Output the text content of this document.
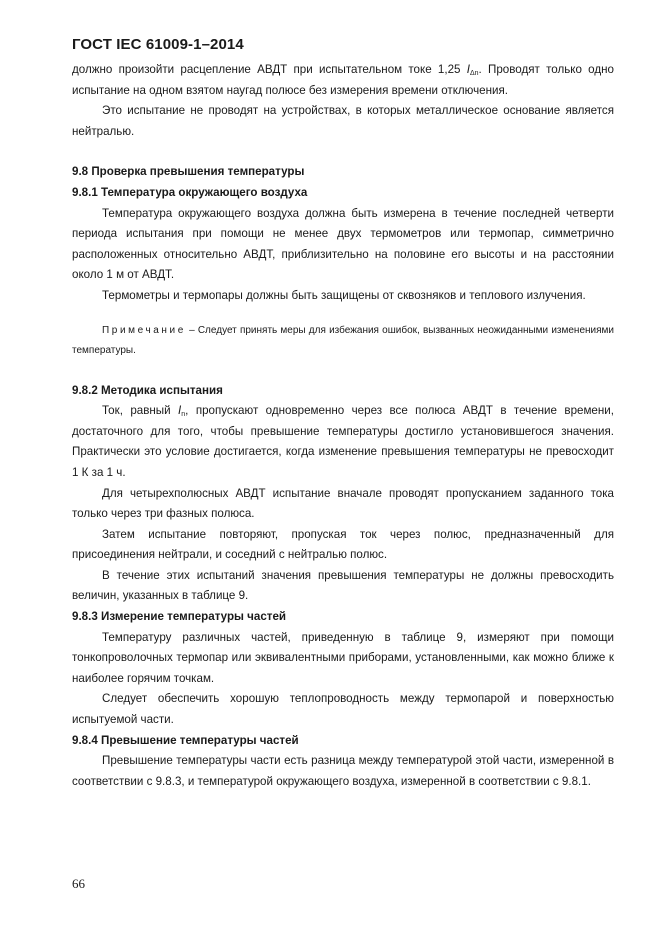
ГОСТ IEC 61009-1–2014

должно произойти расцепление АВДТ при испытательном токе 1,25 $I_{\Delta n}$. Проводят только одно испытание на одном взятом наугад полюсе без измерения времени отключения.

Это испытание не проводят на устройствах, в которых металлическое основание является нейтралью.

9.8 Проверка превышения температуры

9.8.1 Температура окружающего воздуха

Температура окружающего воздуха должна быть измерена в течение последней четверти периода испытания при помощи не менее двух термометров или термопар, симметрично расположенных относительно АВДТ, приблизительно на половине его высоты и на расстоянии около 1 м от АВДТ.

Термометры и термопары должны быть защищены от сквозняков и теплового излучения.

Примечание – Следует принять меры для избежания ошибок, вызванных неожиданными изменениями температуры.

9.8.2 Методика испытания

Ток, равный $I_n$, пропускают одновременно через все полюса АВДТ в течение времени, достаточного для того, чтобы превышение температуры достигло установившегося значения. Практически это условие достигается, когда изменение превышения температуры не превосходит 1 К за 1 ч.

Для четырехполюсных АВДТ испытание вначале проводят пропусканием заданного тока только через три фазных полюса.

Затем испытание повторяют, пропуская ток через полюс, предназначенный для присоединения нейтрали, и соседний с нейтралью полюс.

В течение этих испытаний значения превышения температуры не должны превосходить величин, указанных в таблице 9.

9.8.3 Измерение температуры частей

Температуру различных частей, приведенную в таблице 9, измеряют при помощи тонкопроволочных термопар или эквивалентными приборами, установленными, как можно ближе к наиболее горячим точкам.

Следует обеспечить хорошую теплопроводность между термопарой и поверхностью испытуемой части.

9.8.4 Превышение температуры частей

Превышение температуры части есть разница между температурой этой части, измеренной в соответствии с 9.8.3, и температурой окружающего воздуха, измеренной в соответствии с 9.8.1.

66
